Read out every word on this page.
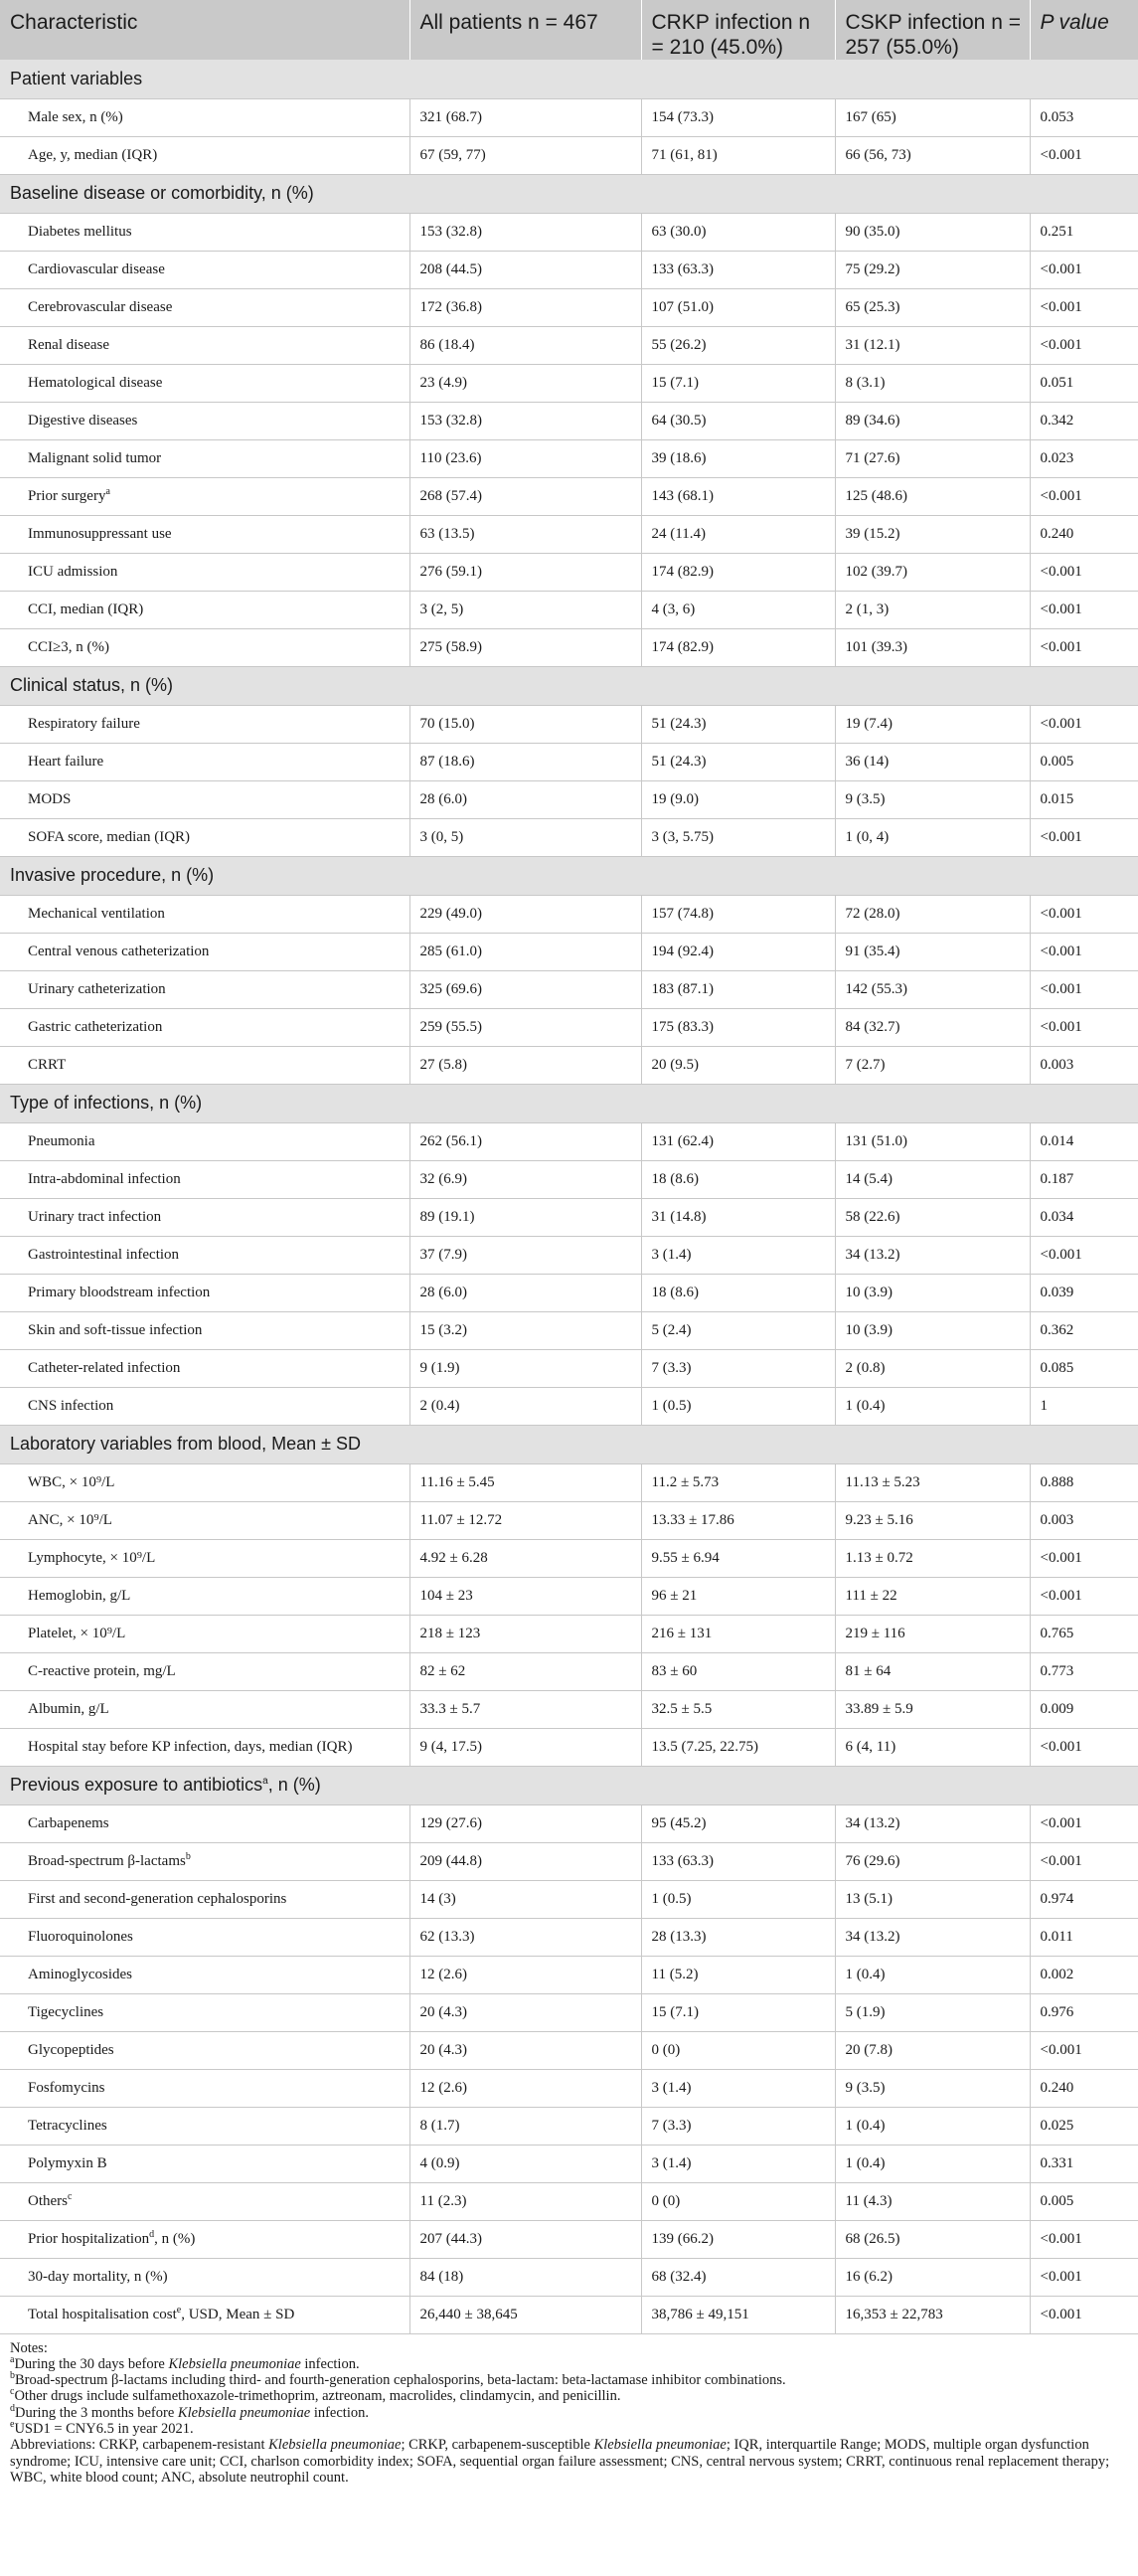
Characteristic	All patients n = 467	CRKP infection n = 210 (45.0%)	CSKP infection n = 257 (55.0%)	P value
Patient variables				
Male sex, n (%)	321 (68.7)	154 (73.3)	167 (65)	0.053
Age, y, median (IQR)	67 (59, 77)	71 (61, 81)	66 (56, 73)	<0.001
Baseline disease or comorbidity, n (%)				
Diabetes mellitus	153 (32.8)	63 (30.0)	90 (35.0)	0.251
Cardiovascular disease	208 (44.5)	133 (63.3)	75 (29.2)	<0.001
Cerebrovascular disease	172 (36.8)	107 (51.0)	65 (25.3)	<0.001
Renal disease	86 (18.4)	55 (26.2)	31 (12.1)	<0.001
Hematological disease	23 (4.9)	15 (7.1)	8 (3.1)	0.051
Digestive diseases	153 (32.8)	64 (30.5)	89 (34.6)	0.342
Malignant solid tumor	110 (23.6)	39 (18.6)	71 (27.6)	0.023
Prior surgery$^a$	268 (57.4)	143 (68.1)	125 (48.6)	<0.001
Immunosuppressant use	63 (13.5)	24 (11.4)	39 (15.2)	0.240
ICU admission	276 (59.1)	174 (82.9)	102 (39.7)	<0.001
CCI, median (IQR)	3 (2, 5)	4 (3, 6)	2 (1, 3)	<0.001
CCI≥3, n (%)	275 (58.9)	174 (82.9)	101 (39.3)	<0.001
Clinical status, n (%)				
Respiratory failure	70 (15.0)	51 (24.3)	19 (7.4)	<0.001
Heart failure	87 (18.6)	51 (24.3)	36 (14)	0.005
MODS	28 (6.0)	19 (9.0)	9 (3.5)	0.015
SOFA score, median (IQR)	3 (0, 5)	3 (3, 5.75)	1 (0, 4)	<0.001
Invasive procedure, n (%)				
Mechanical ventilation	229 (49.0)	157 (74.8)	72 (28.0)	<0.001
Central venous catheterization	285 (61.0)	194 (92.4)	91 (35.4)	<0.001
Urinary catheterization	325 (69.6)	183 (87.1)	142 (55.3)	<0.001
Gastric catheterization	259 (55.5)	175 (83.3)	84 (32.7)	<0.001
CRRT	27 (5.8)	20 (9.5)	7 (2.7)	0.003
Type of infections, n (%)				
Pneumonia	262 (56.1)	131 (62.4)	131 (51.0)	0.014
Intra-abdominal infection	32 (6.9)	18 (8.6)	14 (5.4)	0.187
Urinary tract infection	89 (19.1)	31 (14.8)	58 (22.6)	0.034
Gastrointestinal infection	37 (7.9)	3 (1.4)	34 (13.2)	<0.001
Primary bloodstream infection	28 (6.0)	18 (8.6)	10 (3.9)	0.039
Skin and soft-tissue infection	15 (3.2)	5 (2.4)	10 (3.9)	0.362
Catheter-related infection	9 (1.9)	7 (3.3)	2 (0.8)	0.085
CNS infection	2 (0.4)	1 (0.5)	1 (0.4)	1
Laboratory variables from blood, Mean ± SD				
WBC, × 10⁹/L	11.16 ± 5.45	11.2 ± 5.73	11.13 ± 5.23	0.888
ANC, × 10⁹/L	11.07 ± 12.72	13.33 ± 17.86	9.23 ± 5.16	0.003
Lymphocyte, × 10⁹/L	4.92 ± 6.28	9.55 ± 6.94	1.13 ± 0.72	<0.001
Hemoglobin, g/L	104 ± 23	96 ± 21	111 ± 22	<0.001
Platelet, × 10⁹/L	218 ± 123	216 ± 131	219 ± 116	0.765
C-reactive protein, mg/L	82 ± 62	83 ± 60	81 ± 64	0.773
Albumin, g/L	33.3 ± 5.7	32.5 ± 5.5	33.89 ± 5.9	0.009
Hospital stay before KP infection, days, median (IQR)	9 (4, 17.5)	13.5 (7.25, 22.75)	6 (4, 11)	<0.001
Previous exposure to antibiotics$^a$, n (%)				
Carbapenems	129 (27.6)	95 (45.2)	34 (13.2)	<0.001
Broad-spectrum β-lactams$^b$	209 (44.8)	133 (63.3)	76 (29.6)	<0.001
First and second-generation cephalosporins	14 (3)	1 (0.5)	13 (5.1)	0.974
Fluoroquinolones	62 (13.3)	28 (13.3)	34 (13.2)	0.011
Aminoglycosides	12 (2.6)	11 (5.2)	1 (0.4)	0.002
Tigecyclines	20 (4.3)	15 (7.1)	5 (1.9)	0.976
Glycopeptides	20 (4.3)	0 (0)	20 (7.8)	<0.001
Fosfomycins	12 (2.6)	3 (1.4)	9 (3.5)	0.240
Tetracyclines	8 (1.7)	7 (3.3)	1 (0.4)	0.025
Polymyxin B	4 (0.9)	3 (1.4)	1 (0.4)	0.331
Others$^c$	11 (2.3)	0 (0)	11 (4.3)	0.005
Prior hospitalization$^d$, n (%)	207 (44.3)	139 (66.2)	68 (26.5)	<0.001
30-day mortality, n (%)	84 (18)	68 (32.4)	16 (6.2)	<0.001
Total hospitalisation cost$^e$, USD, Mean ± SD	26,440 ± 38,645	38,786 ± 49,151	16,353 ± 22,783	<0.001
Notes:
$^a$During the 30 days before Klebsiella pneumoniae infection.
$^b$Broad-spectrum β-lactams including third- and fourth-generation cephalosporins, beta-lactam: beta-lactamase inhibitor combinations.
$^c$Other drugs include sulfamethoxazole-trimethoprim, aztreonam, macrolides, clindamycin, and penicillin.
$^d$During the 3 months before Klebsiella pneumoniae infection.
$^e$USD1 = CNY6.5 in year 2021.
Abbreviations: CRKP, carbapenem-resistant Klebsiella pneumoniae; CRKP, carbapenem-susceptible Klebsiella pneumoniae; IQR, interquartile Range; MODS, multiple organ dysfunction syndrome; ICU, intensive care unit; CCI, charlson comorbidity index; SOFA, sequential organ failure assessment; CNS, central nervous system; CRRT, continuous renal replacement therapy; WBC, white blood count; ANC, absolute neutrophil count.
